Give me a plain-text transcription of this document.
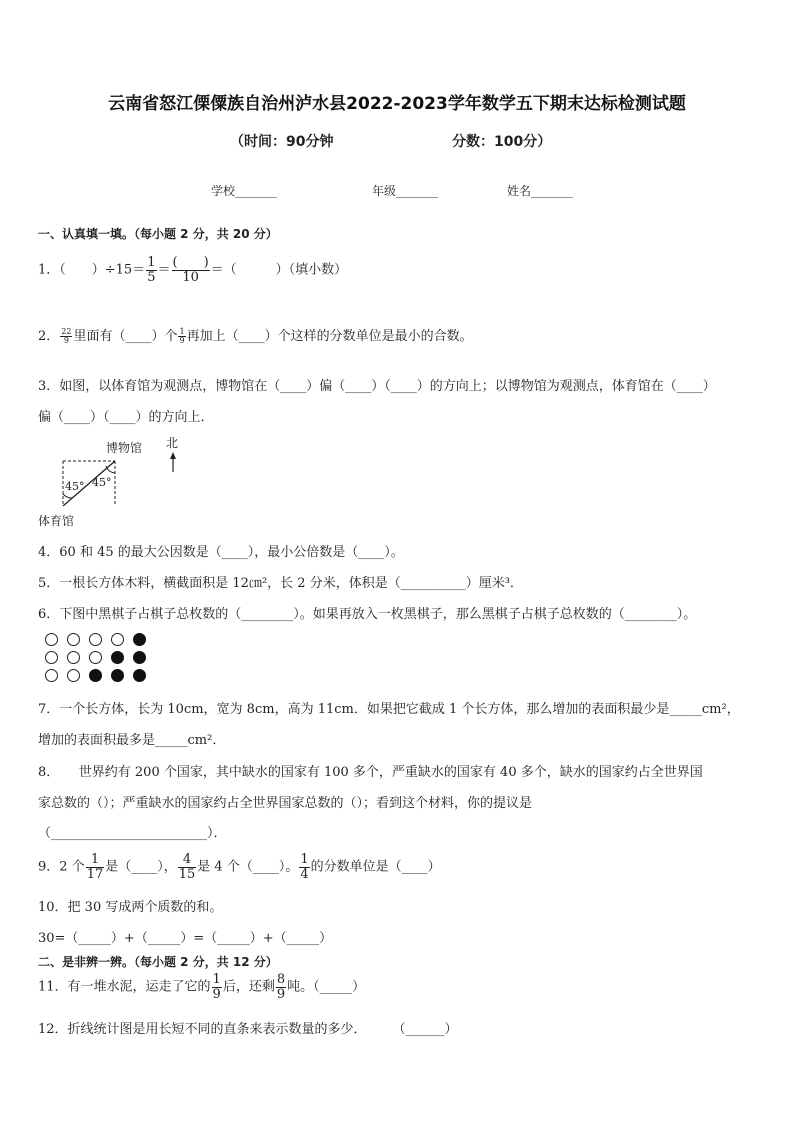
云南省怒江傈僳族自治州泸水县2022-2023学年数学五下期末达标检测试题
（时间：90分钟	分数：100分）
学校_______	年级_______	姓名_______
一、认真填一填。（每小题 2 分，共 20 分）
1．（　　）$\div 15= \frac{1}{5} = \frac{( )}{10}$ ＝（　　　）（填小数）
2． $\frac{22}{9}$ 里面有（____）个 $\frac{1}{9}$ 再加上（____）个这样的分数单位是最小的合数。
3．如图，以体育馆为观测点，博物馆在（____）偏（____）（____）的方向上；以博物馆为观测点，体育馆在（____）
偏（____）（____）的方向上．
博物馆 北
45° 45°
体育馆
4．60 和 45 的最大公因数是（____），最小公倍数是（____）。
5．一根长方体木料，横截面积是 12㎝²，长 2 分米，体积是（__________）厘米³．
6．下图中黑棋子占棋子总枚数的（________）。如果再放入一枚黑棋子，那么黑棋子占棋子总枚数的（________）。
7．一个长方体，长为 10cm，宽为 8cm，高为 11cm．如果把它截成 1 个长方体，那么增加的表面积最少是_____cm²，
增加的表面积最多是_____cm²．
8．　　世界约有 200 个国家，其中缺水的国家有 100 多个，严重缺水的国家有 40 多个，缺水的国家约占全世界国
家总数的（）；严重缺水的国家约占全世界国家总数的（）；看到这个材料，你的提议是
（________________________）．
9．2 个 $\frac{1}{17}$ 是（____）， $\frac{4}{15}$ 是 4 个（____）。 $\frac{1}{4}$ 的分数单位是（____）
10．把 30 写成两个质数的和。
30=（_____）+（_____）=（_____）+（_____）
二、是非辨一辨。（每小题 2 分，共 12 分）
11．有一堆水泥，运走了它的 $\frac{1}{9}$ 后，还剩 $\frac{8}{9}$ 吨。（_____）
12．折线统计图是用长短不同的直条来表示数量的多少．　　　（______）
